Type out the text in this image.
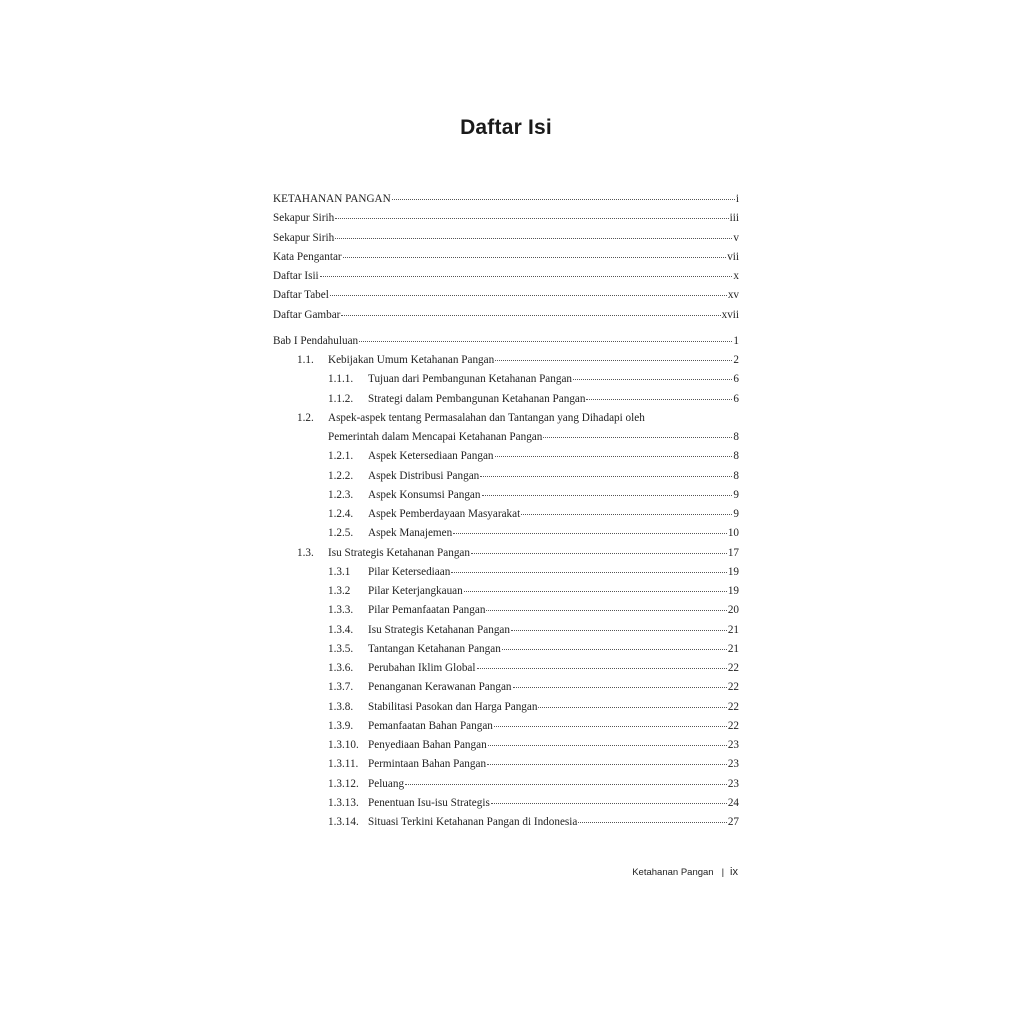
Daftar Isi
KETAHANAN PANGAN	i
Sekapur Sirih	iii
Sekapur Sirih	v
Kata Pengantar	vii
Daftar Isii	x
Daftar Tabel	xv
Daftar Gambar	xvii
Bab I Pendahuluan	1
1.1.	Kebijakan Umum Ketahanan Pangan	2
1.1.1.	Tujuan dari Pembangunan Ketahanan Pangan	6
1.1.2.	Strategi dalam Pembangunan Ketahanan Pangan	6
1.2.	Aspek-aspek tentang Permasalahan dan Tantangan yang Dihadapi oleh
Pemerintah dalam Mencapai Ketahanan Pangan	8
1.2.1.	Aspek Ketersediaan Pangan	8
1.2.2.	Aspek Distribusi Pangan	8
1.2.3.	Aspek Konsumsi Pangan	9
1.2.4.	Aspek Pemberdayaan Masyarakat	9
1.2.5.	Aspek Manajemen	10
1.3.	Isu Strategis Ketahanan Pangan	17
1.3.1	Pilar Ketersediaan	19
1.3.2	Pilar Keterjangkauan	19
1.3.3.	Pilar Pemanfaatan Pangan	20
1.3.4.	Isu Strategis Ketahanan Pangan	21
1.3.5.	Tantangan Ketahanan Pangan	21
1.3.6.	Perubahan Iklim Global	22
1.3.7.	Penanganan Kerawanan Pangan	22
1.3.8.	Stabilitasi Pasokan dan Harga Pangan	22
1.3.9.	Pemanfaatan Bahan Pangan	22
1.3.10. Penyediaan Bahan Pangan	23
1.3.11. Permintaan Bahan Pangan	23
1.3.12. Peluang	23
1.3.13. Penentuan Isu-isu Strategis	24
1.3.14. Situasi Terkini Ketahanan Pangan di Indonesia	27
Ketahanan Pangan | ix
